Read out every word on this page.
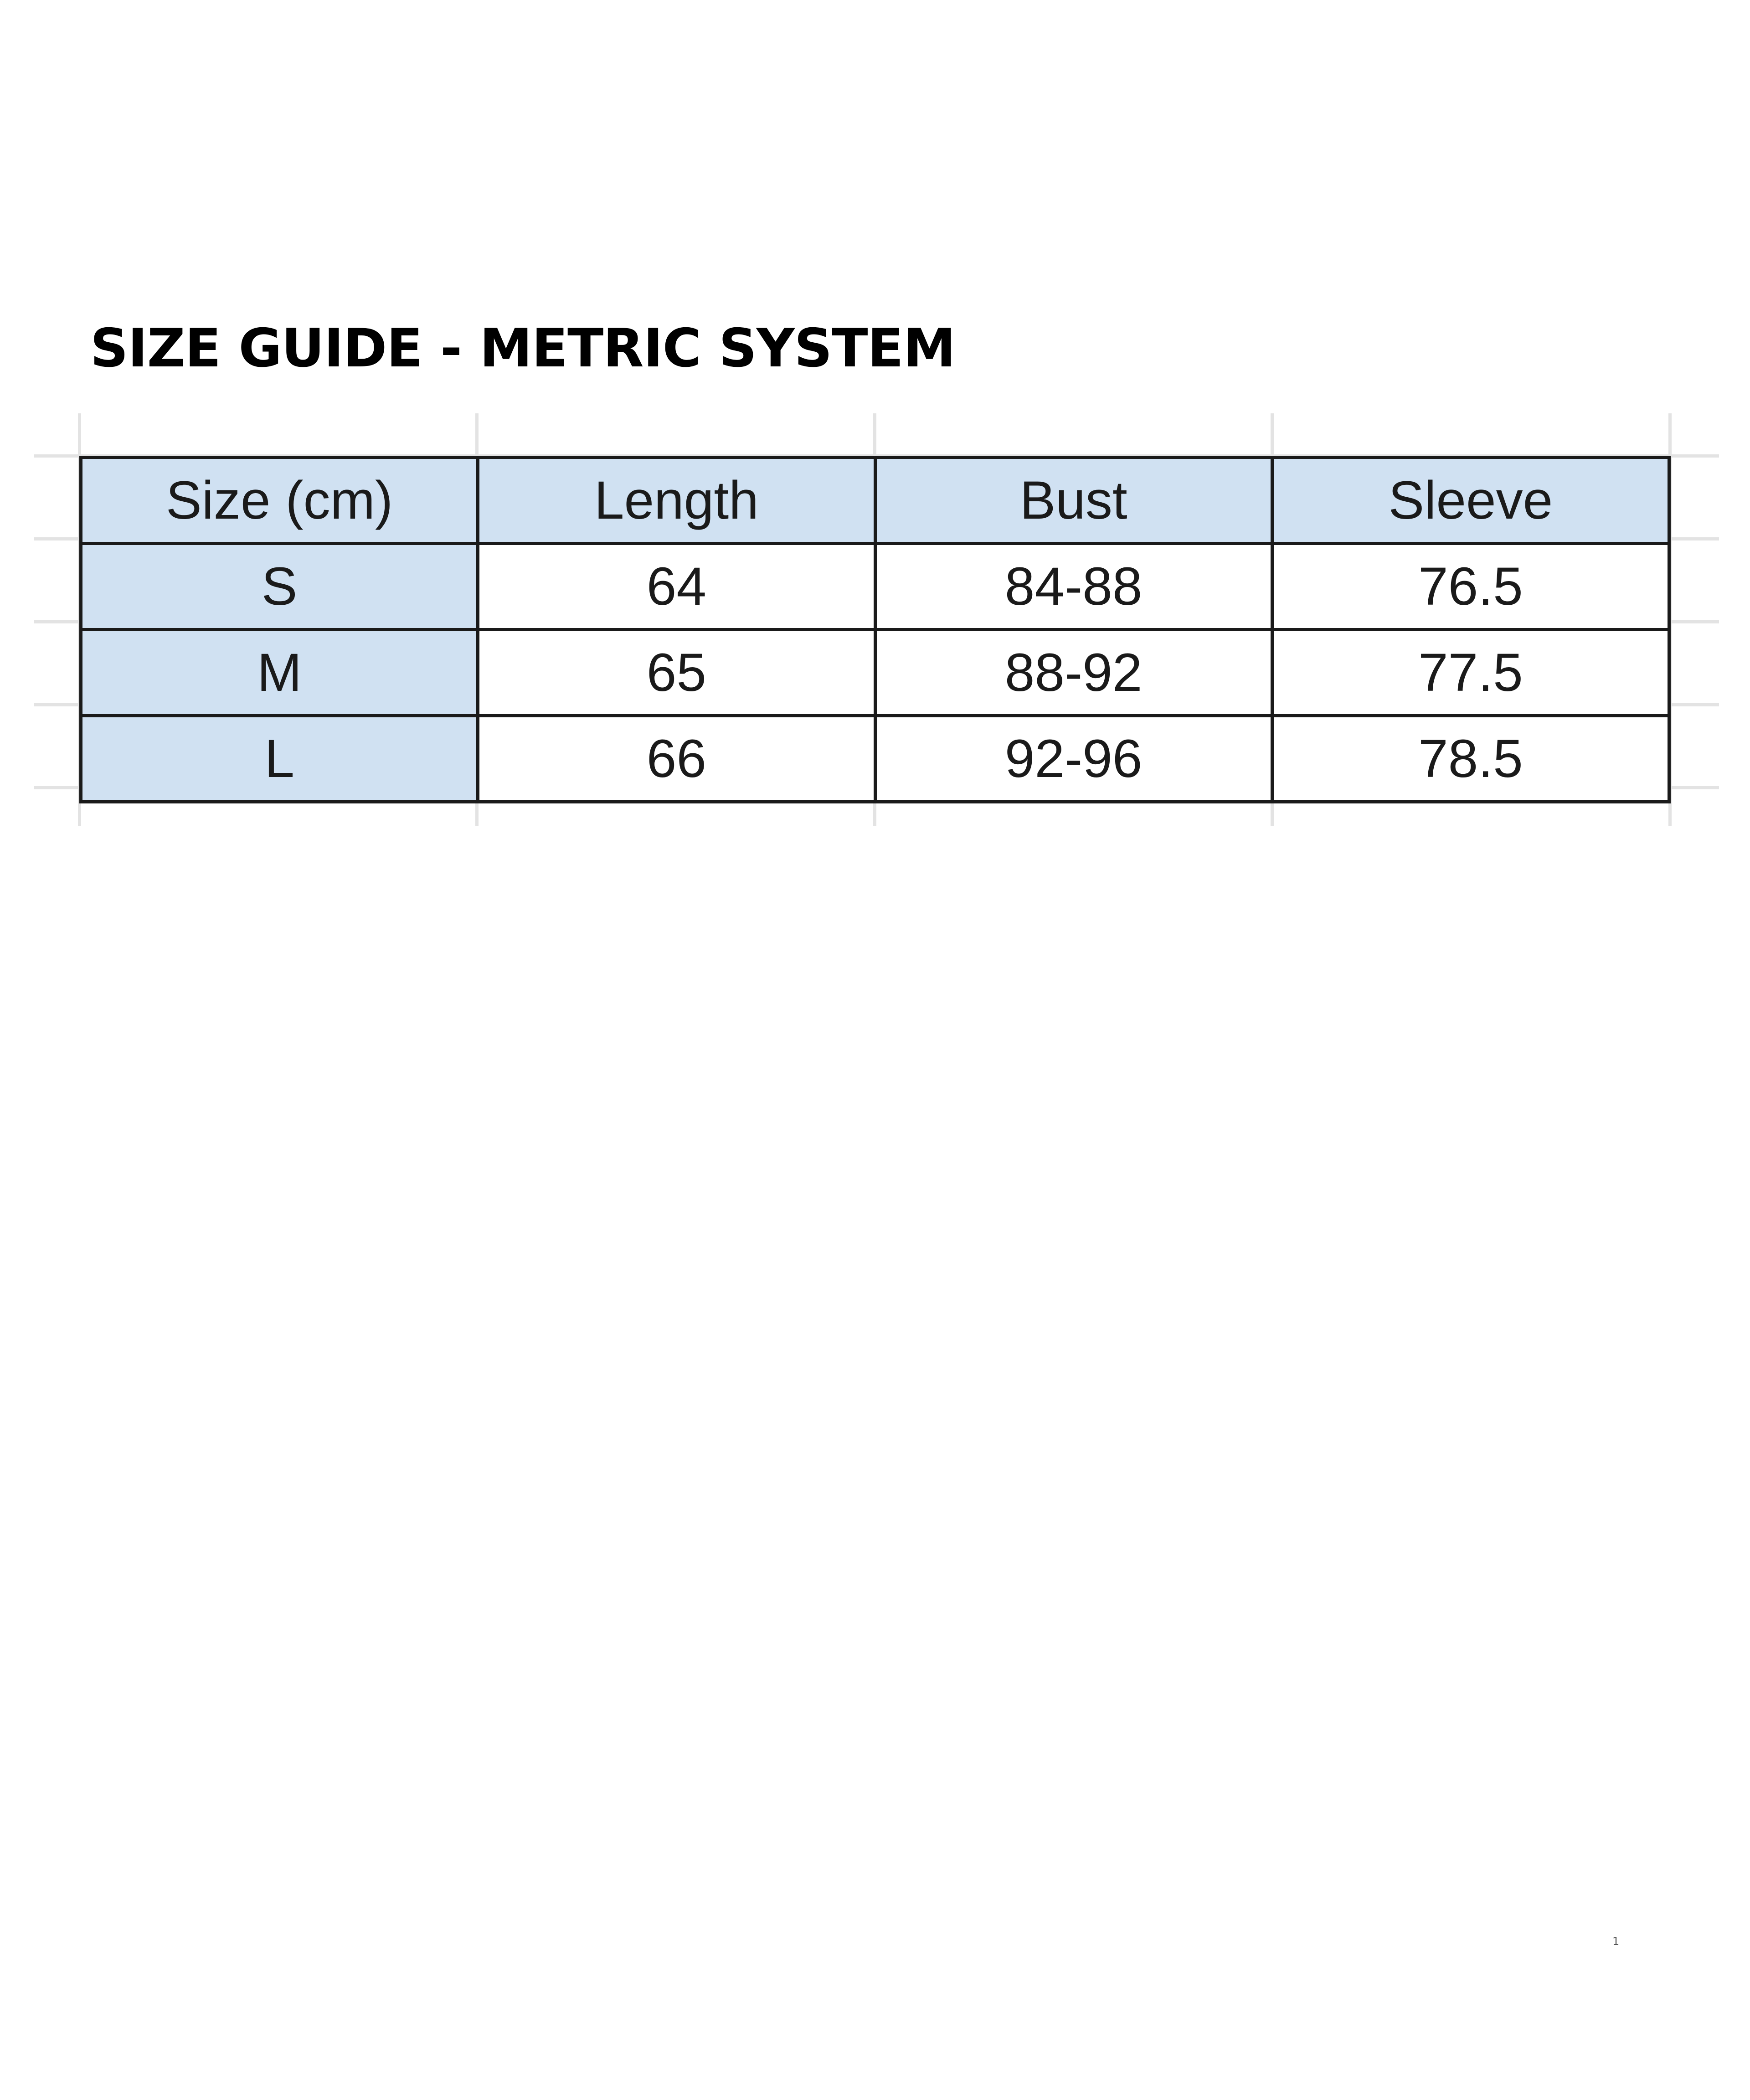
SIZE GUIDE - METRIC SYSTEM
Size (cm)	Length	Bust	Sleeve
S	64	84-88	76.5
M	65	88-92	77.5
L	66	92-96	78.5
1
